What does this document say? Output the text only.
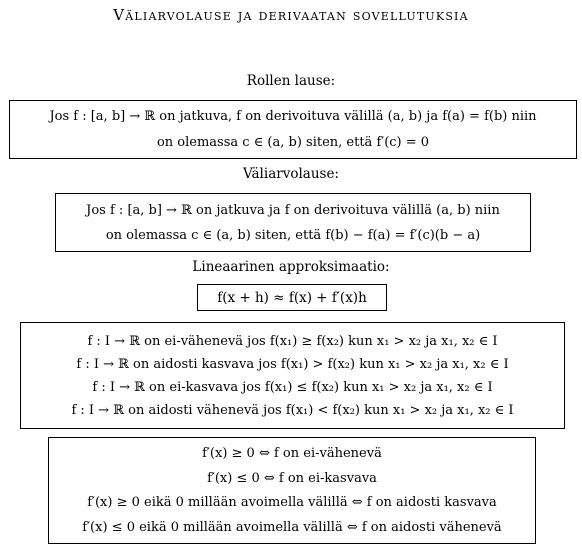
Väliarvolause ja derivaatan sovellutuksia
Rollen lause:
Jos f : [a, b] → ℝ on jatkuva, f on derivoituva välillä (a, b) ja f(a) = f(b) niin
on olemassa c ∈ (a, b) siten, että f′(c) = 0
Väliarvolause:
Jos f : [a, b] → ℝ on jatkuva ja f on derivoituva välillä (a, b) niin
on olemassa c ∈ (a, b) siten, että f(b) − f(a) = f′(c)(b − a)
Lineaarinen approksimaatio:
f(x + h) ≈ f(x) + f′(x)h
f : I → ℝ on ei-vähenevä jos f(x₁) ≥ f(x₂) kun x₁ > x₂ ja x₁, x₂ ∈ I
f : I → ℝ on aidosti kasvava jos f(x₁) > f(x₂) kun x₁ > x₂ ja x₁, x₂ ∈ I
f : I → ℝ on ei-kasvava jos f(x₁) ≤ f(x₂) kun x₁ > x₂ ja x₁, x₂ ∈ I
f : I → ℝ on aidosti vähenevä jos f(x₁) < f(x₂) kun x₁ > x₂ ja x₁, x₂ ∈ I
f′(x) ≥ 0 ⇔ f on ei-vähenevä
f′(x) ≤ 0 ⇔ f on ei-kasvava
f′(x) ≥ 0 eikä 0 millään avoimella välillä ⇔ f on aidosti kasvava
f′(x) ≤ 0 eikä 0 millään avoimella välillä ⇔ f on aidosti vähenevä
